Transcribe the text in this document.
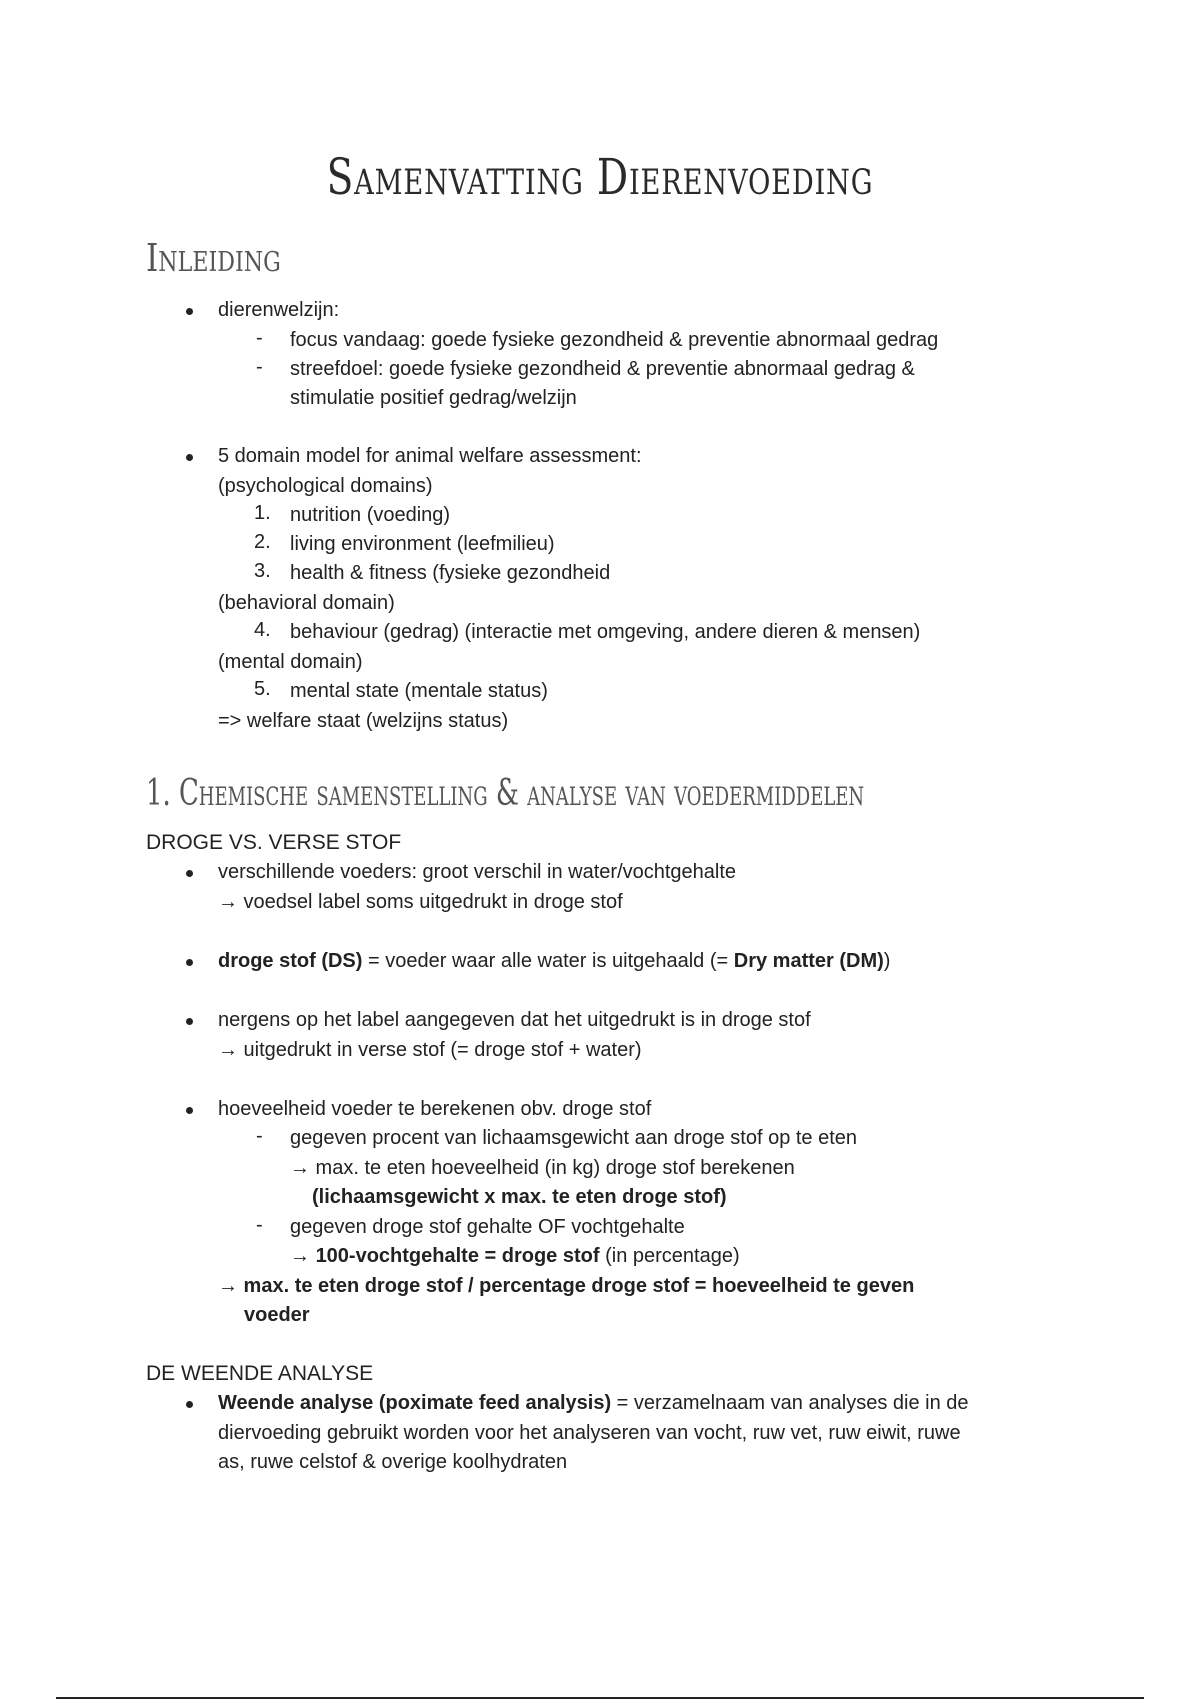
Samenvatting Dierenvoeding
Inleiding
dierenwelzijn:
- focus vandaag: goede fysieke gezondheid & preventie abnormaal gedrag
- streefdoel: goede fysieke gezondheid & preventie abnormaal gedrag &
stimulatie positief gedrag/welzijn
5 domain model for animal welfare assessment:
(psychological domains)
1. nutrition (voeding)
2. living environment (leefmilieu)
3. health & fitness (fysieke gezondheid
(behavioral domain)
4. behaviour (gedrag) (interactie met omgeving, andere dieren & mensen)
(mental domain)
5. mental state (mentale status)
=> welfare staat (welzijns status)
1. Chemische samenstelling & analyse van voedermiddelen
DROGE VS. VERSE STOF
verschillende voeders: groot verschil in water/vochtgehalte
→ voedsel label soms uitgedrukt in droge stof
droge stof (DS) = voeder waar alle water is uitgehaald (= Dry matter (DM))
nergens op het label aangegeven dat het uitgedrukt is in droge stof
→ uitgedrukt in verse stof (= droge stof + water)
hoeveelheid voeder te berekenen obv. droge stof
- gegeven procent van lichaamsgewicht aan droge stof op te eten
→ max. te eten hoeveelheid (in kg) droge stof berekenen
(lichaamsgewicht x max. te eten droge stof)
- gegeven droge stof gehalte OF vochtgehalte
→ 100-vochtgehalte = droge stof (in percentage)
→ max. te eten droge stof / percentage droge stof = hoeveelheid te geven
voeder
DE WEENDE ANALYSE
Weende analyse (poximate feed analysis) = verzamelnaam van analyses die in de
diervoeding gebruikt worden voor het analyseren van vocht, ruw vet, ruw eiwit, ruwe
as, ruwe celstof & overige koolhydraten
